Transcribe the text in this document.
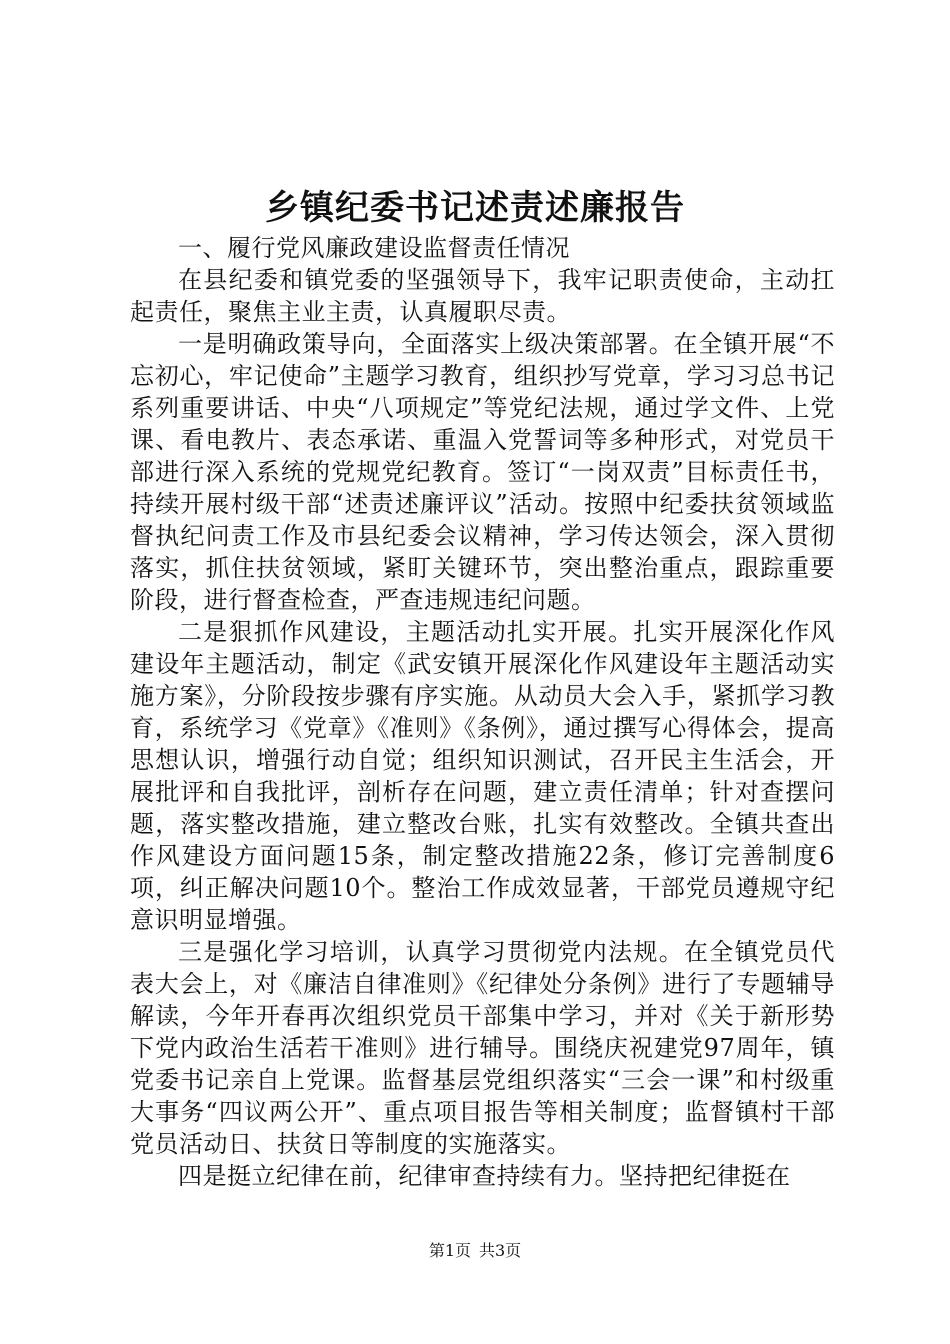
乡镇纪委书记述责述廉报告

一、履行党风廉政建设监督责任情况

在县纪委和镇党委的坚强领导下，我牢记职责使命，主动扛起责任，聚焦主业主责，认真履职尽责。

一是明确政策导向，全面落实上级决策部署。在全镇开展“不忘初心，牢记使命”主题学习教育，组织抄写党章，学习习总书记系列重要讲话、中央“八项规定”等党纪法规，通过学文件、上党课、看电教片、表态承诺、重温入党誓词等多种形式，对党员干部进行深入系统的党规党纪教育。签订“一岗双责”目标责任书，持续开展村级干部“述责述廉评议”活动。按照中纪委扶贫领域监督执纪问责工作及市县纪委会议精神，学习传达领会，深入贯彻落实，抓住扶贫领域，紧盯关键环节，突出整治重点，跟踪重要阶段，进行督查检查，严查违规违纪问题。

二是狠抓作风建设，主题活动扎实开展。扎实开展深化作风建设年主题活动，制定《武安镇开展深化作风建设年主题活动实施方案》，分阶段按步骤有序实施。从动员大会入手，紧抓学习教育，系统学习《党章》《准则》《条例》，通过撰写心得体会，提高思想认识，增强行动自觉；组织知识测试，召开民主生活会，开展批评和自我批评，剖析存在问题，建立责任清单；针对查摆问题，落实整改措施，建立整改台账，扎实有效整改。全镇共查出作风建设方面问题15条，制定整改措施22条，修订完善制度6项，纠正解决问题10个。整治工作成效显著，干部党员遵规守纪意识明显增强。

三是强化学习培训，认真学习贯彻党内法规。在全镇党员代表大会上，对《廉洁自律准则》《纪律处分条例》进行了专题辅导解读，今年开春再次组织党员干部集中学习，并对《关于新形势下党内政治生活若干准则》进行辅导。围绕庆祝建党97周年，镇党委书记亲自上党课。监督基层党组织落实“三会一课”和村级重大事务“四议两公开”、重点项目报告等相关制度；监督镇村干部党员活动日、扶贫日等制度的实施落实。

四是挺立纪律在前，纪律审查持续有力。坚持把纪律挺在

第1页 共3页
